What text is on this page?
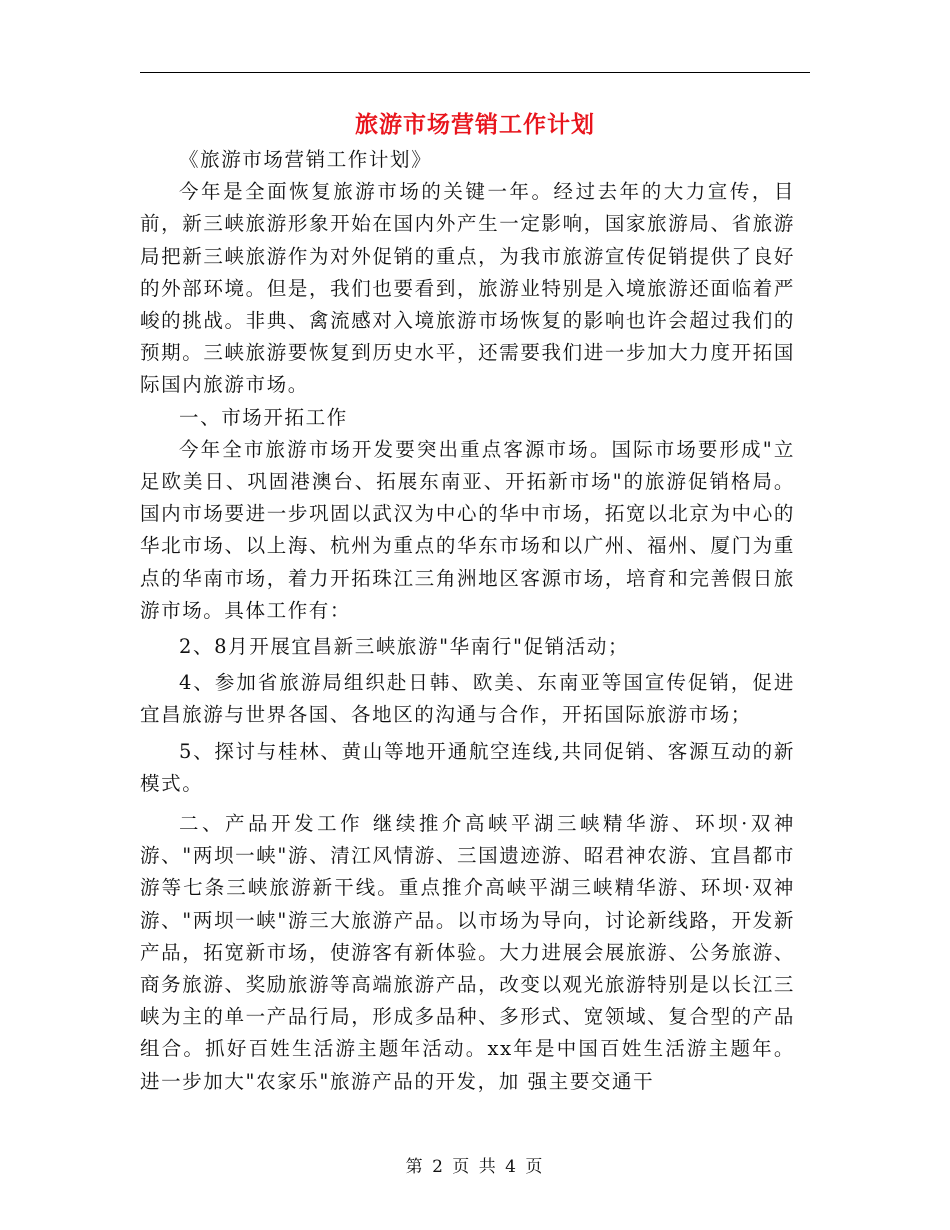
旅游市场营销工作计划

《旅游市场营销工作计划》

今年是全面恢复旅游市场的关键一年。经过去年的大力宣传，目前，新三峡旅游形象开始在国内外产生一定影响，国家旅游局、省旅游局把新三峡旅游作为对外促销的重点，为我市旅游宣传促销提供了良好的外部环境。但是，我们也要看到，旅游业特别是入境旅游还面临着严峻的挑战。非典、禽流感对入境旅游市场恢复的影响也许会超过我们的预期。三峡旅游要恢复到历史水平，还需要我们进一步加大力度开拓国际国内旅游市场。

一、市场开拓工作

今年全市旅游市场开发要突出重点客源市场。国际市场要形成"立足欧美日、巩固港澳台、拓展东南亚、开拓新市场"的旅游促销格局。国内市场要进一步巩固以武汉为中心的华中市场，拓宽以北京为中心的华北市场、以上海、杭州为重点的华东市场和以广州、福州、厦门为重点的华南市场，着力开拓珠江三角洲地区客源市场，培育和完善假日旅游市场。具体工作有：

2、8月开展宜昌新三峡旅游"华南行"促销活动；

4、参加省旅游局组织赴日韩、欧美、东南亚等国宣传促销，促进宜昌旅游与世界各国、各地区的沟通与合作，开拓国际旅游市场；

5、探讨与桂林、黄山等地开通航空连线,共同促销、客源互动的新模式。

二、产品开发工作 继续推介高峡平湖三峡精华游、环坝·双神游、"两坝一峡"游、清江风情游、三国遗迹游、昭君神农游、宜昌都市游等七条三峡旅游新干线。重点推介高峡平湖三峡精华游、环坝·双神游、"两坝一峡"游三大旅游产品。以市场为导向，讨论新线路，开发新产品，拓宽新市场，使游客有新体验。大力进展会展旅游、公务旅游、商务旅游、奖励旅游等高端旅游产品，改变以观光旅游特别是以长江三峡为主的单一产品行局，形成多品种、多形式、宽领域、复合型的产品组合。抓好百姓生活游主题年活动。xx年是中国百姓生活游主题年。进一步加大"农家乐"旅游产品的开发，加 强主要交通干

第 2 页 共 4 页
